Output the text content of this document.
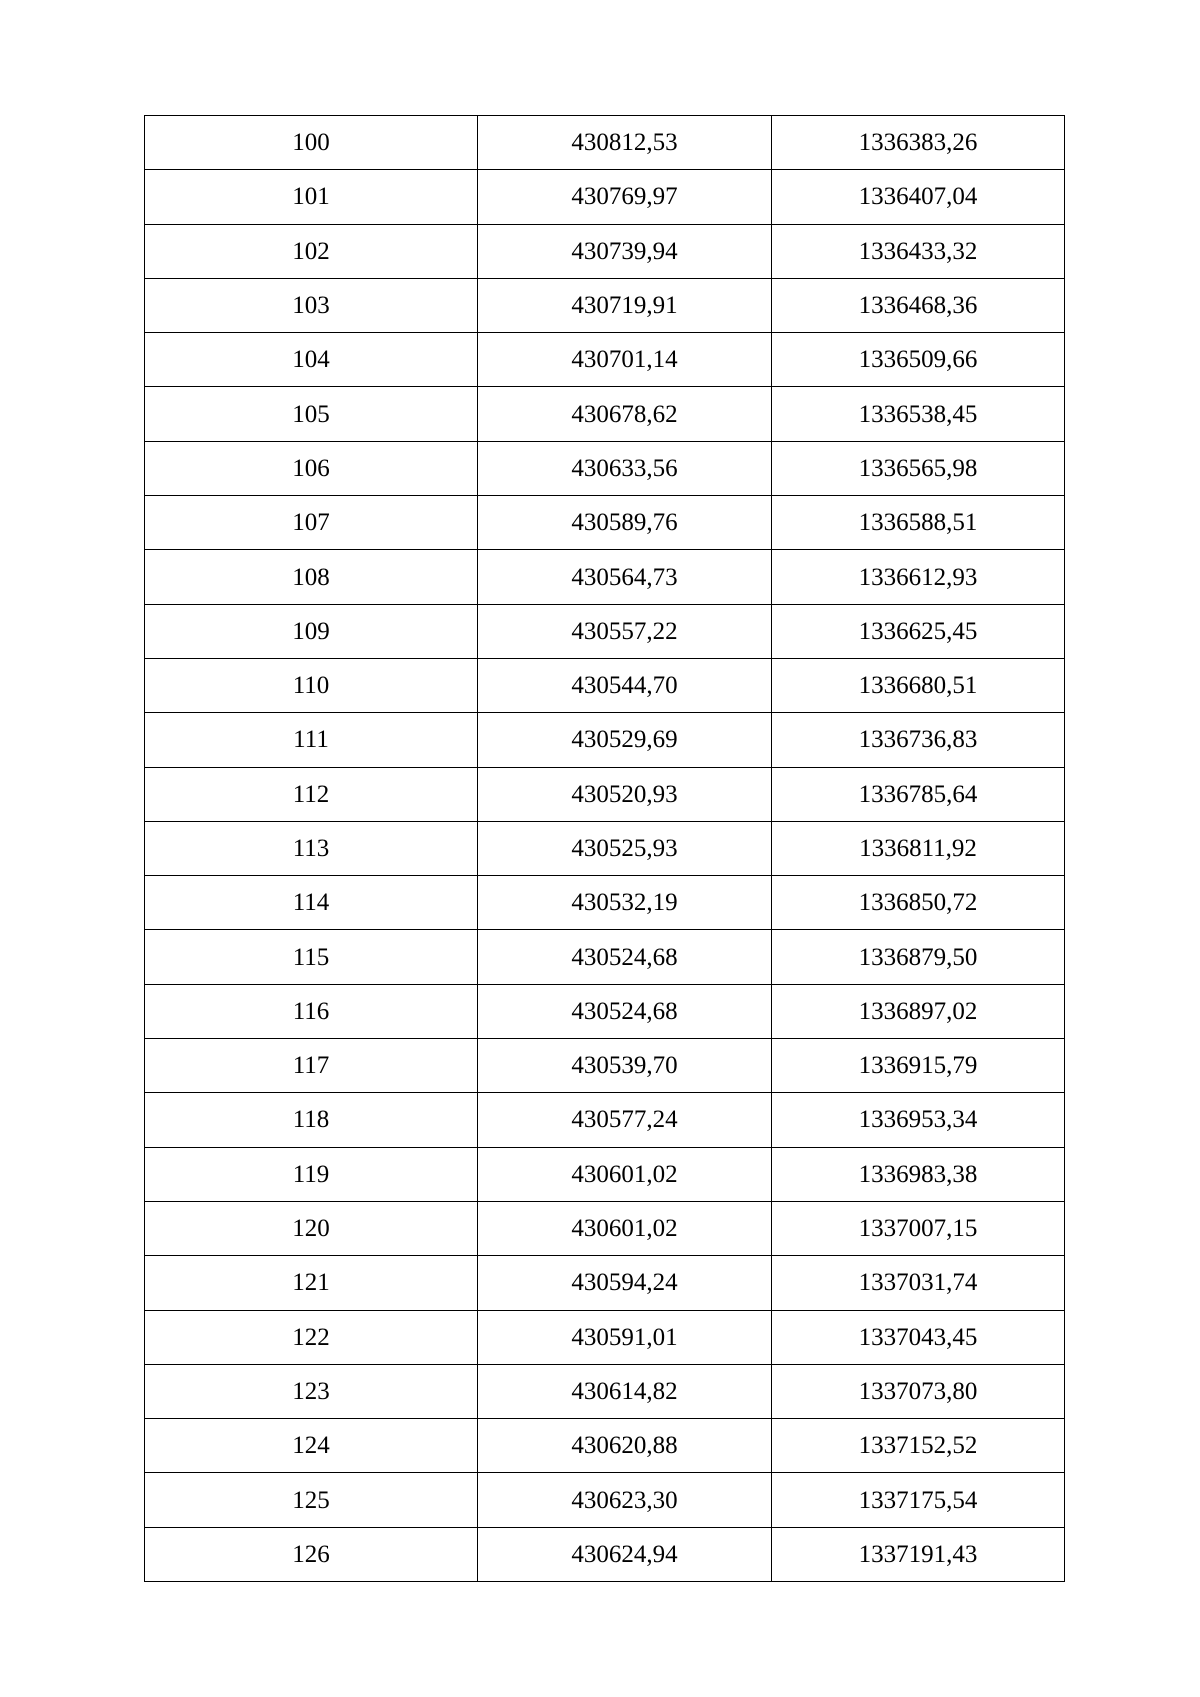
100	430812,53	1336383,26
101	430769,97	1336407,04
102	430739,94	1336433,32
103	430719,91	1336468,36
104	430701,14	1336509,66
105	430678,62	1336538,45
106	430633,56	1336565,98
107	430589,76	1336588,51
108	430564,73	1336612,93
109	430557,22	1336625,45
110	430544,70	1336680,51
111	430529,69	1336736,83
112	430520,93	1336785,64
113	430525,93	1336811,92
114	430532,19	1336850,72
115	430524,68	1336879,50
116	430524,68	1336897,02
117	430539,70	1336915,79
118	430577,24	1336953,34
119	430601,02	1336983,38
120	430601,02	1337007,15
121	430594,24	1337031,74
122	430591,01	1337043,45
123	430614,82	1337073,80
124	430620,88	1337152,52
125	430623,30	1337175,54
126	430624,94	1337191,43
